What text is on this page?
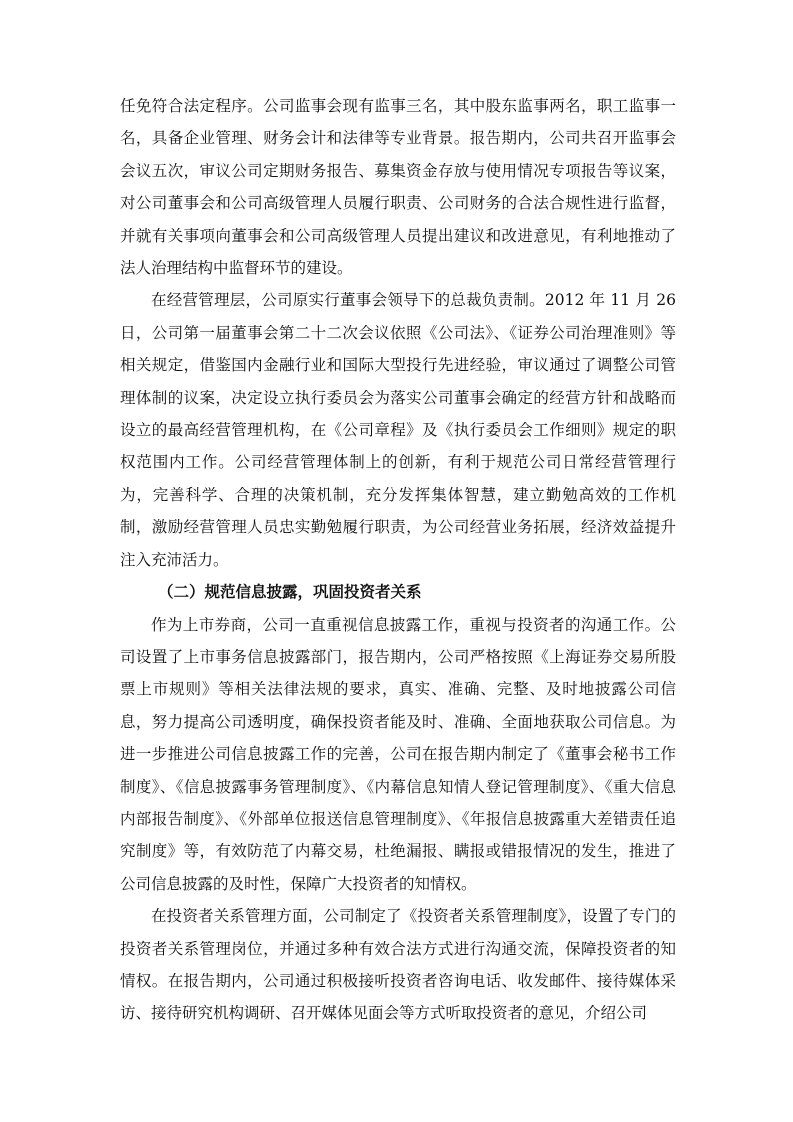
任免符合法定程序。公司监事会现有监事三名，其中股东监事两名，职工监事一名，具备企业管理、财务会计和法律等专业背景。报告期内，公司共召开监事会会议五次，审议公司定期财务报告、募集资金存放与使用情况专项报告等议案，对公司董事会和公司高级管理人员履行职责、公司财务的合法合规性进行监督，并就有关事项向董事会和公司高级管理人员提出建议和改进意见，有利地推动了法人治理结构中监督环节的建设。

在经营管理层，公司原实行董事会领导下的总裁负责制。2012 年 11 月 26 日，公司第一届董事会第二十二次会议依照《公司法》、《证券公司治理准则》等相关规定，借鉴国内金融行业和国际大型投行先进经验，审议通过了调整公司管理体制的议案，决定设立执行委员会为落实公司董事会确定的经营方针和战略而设立的最高经营管理机构，在《公司章程》及《执行委员会工作细则》规定的职权范围内工作。公司经营管理体制上的创新，有利于规范公司日常经营管理行为，完善科学、合理的决策机制，充分发挥集体智慧，建立勤勉高效的工作机制，激励经营管理人员忠实勤勉履行职责，为公司经营业务拓展，经济效益提升注入充沛活力。

（二）规范信息披露，巩固投资者关系

作为上市券商，公司一直重视信息披露工作，重视与投资者的沟通工作。公司设置了上市事务信息披露部门，报告期内，公司严格按照《上海证券交易所股票上市规则》等相关法律法规的要求，真实、准确、完整、及时地披露公司信息，努力提高公司透明度，确保投资者能及时、准确、全面地获取公司信息。为进一步推进公司信息披露工作的完善，公司在报告期内制定了《董事会秘书工作制度》、《信息披露事务管理制度》、《内幕信息知情人登记管理制度》、《重大信息内部报告制度》、《外部单位报送信息管理制度》、《年报信息披露重大差错责任追究制度》等，有效防范了内幕交易，杜绝漏报、瞒报或错报情况的发生，推进了公司信息披露的及时性，保障广大投资者的知情权。

在投资者关系管理方面，公司制定了《投资者关系管理制度》，设置了专门的投资者关系管理岗位，并通过多种有效合法方式进行沟通交流，保障投资者的知情权。在报告期内，公司通过积极接听投资者咨询电话、收发邮件、接待媒体采访、接待研究机构调研、召开媒体见面会等方式听取投资者的意见，介绍公司
